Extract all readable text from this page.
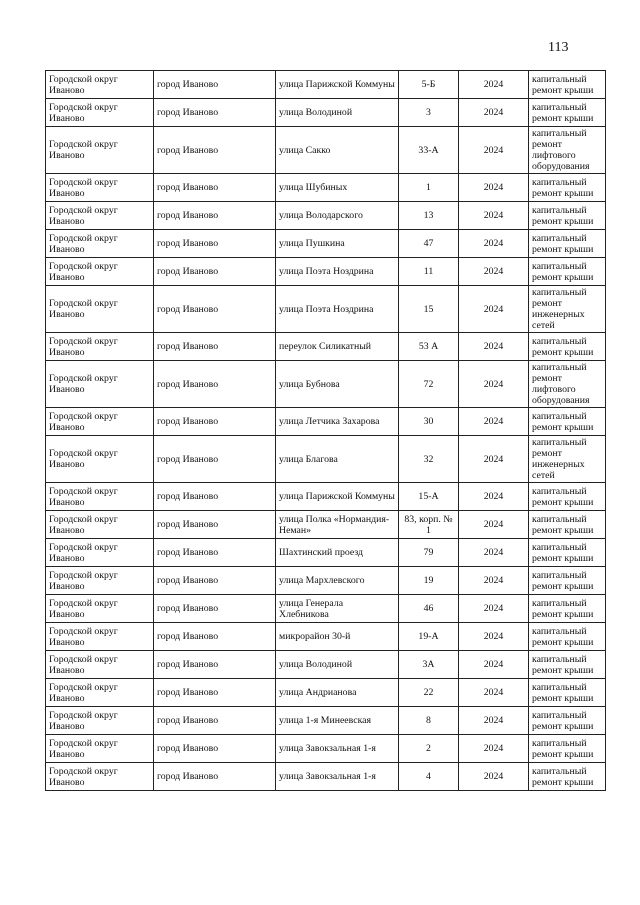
113
Городской округ Иваново	город Иваново	улица Парижской Коммуны	5-Б	2024	капитальный ремонт крыши
Городской округ Иваново	город Иваново	улица Володиной	3	2024	капитальный ремонт крыши
Городской округ Иваново	город Иваново	улица Сакко	33-А	2024	капитальный ремонт лифтового оборудования
Городской округ Иваново	город Иваново	улица Шубиных	1	2024	капитальный ремонт крыши
Городской округ Иваново	город Иваново	улица Володарского	13	2024	капитальный ремонт крыши
Городской округ Иваново	город Иваново	улица Пушкина	47	2024	капитальный ремонт крыши
Городской округ Иваново	город Иваново	улица Поэта Ноздрина	11	2024	капитальный ремонт крыши
Городской округ Иваново	город Иваново	улица Поэта Ноздрина	15	2024	капитальный ремонт инженерных сетей
Городской округ Иваново	город Иваново	переулок Силикатный	53 А	2024	капитальный ремонт крыши
Городской округ Иваново	город Иваново	улица Бубнова	72	2024	капитальный ремонт лифтового оборудования
Городской округ Иваново	город Иваново	улица Летчика Захарова	30	2024	капитальный ремонт крыши
Городской округ Иваново	город Иваново	улица Благова	32	2024	капитальный ремонт инженерных сетей
Городской округ Иваново	город Иваново	улица Парижской Коммуны	15-А	2024	капитальный ремонт крыши
Городской округ Иваново	город Иваново	улица Полка «Нормандия-Неман»	83, корп. № 1	2024	капитальный ремонт крыши
Городской округ Иваново	город Иваново	Шахтинский проезд	79	2024	капитальный ремонт крыши
Городской округ Иваново	город Иваново	улица Мархлевского	19	2024	капитальный ремонт крыши
Городской округ Иваново	город Иваново	улица Генерала Хлебникова	46	2024	капитальный ремонт крыши
Городской округ Иваново	город Иваново	микрорайон 30-й	19-А	2024	капитальный ремонт крыши
Городской округ Иваново	город Иваново	улица Володиной	3А	2024	капитальный ремонт крыши
Городской округ Иваново	город Иваново	улица Андрианова	22	2024	капитальный ремонт крыши
Городской округ Иваново	город Иваново	улица 1-я Минеевская	8	2024	капитальный ремонт крыши
Городской округ Иваново	город Иваново	улица Завокзальная 1-я	2	2024	капитальный ремонт крыши
Городской округ Иваново	город Иваново	улица Завокзальная 1-я	4	2024	капитальный ремонт крыши
